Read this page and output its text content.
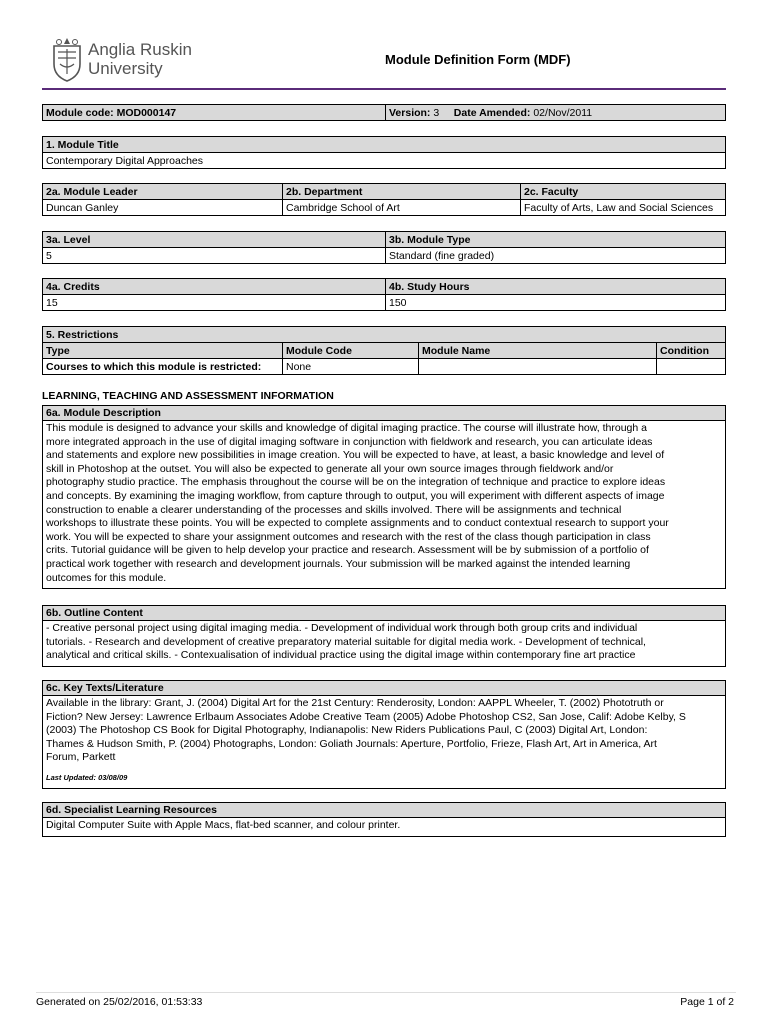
Anglia Ruskin
University	Module Definition Form (MDF)
Module code: MOD000147	Version: 3 Date Amended: 02/Nov/2011
1. Module Title
Contemporary Digital Approaches
2a. Module Leader	2b. Department	2c. Faculty
Duncan Ganley	Cambridge School of Art	Faculty of Arts, Law and Social Sciences
3a. Level	3b. Module Type
5	Standard (fine graded)
4a. Credits	4b. Study Hours
15	150
5. Restrictions			
Type	Module Code	Module Name	Condition
Courses to which this module is restricted:	None		
LEARNING, TEACHING AND ASSESSMENT INFORMATION
6a. Module Description
This module is designed to advance your skills and knowledge of digital imaging practice. The course will illustrate how, through a
more integrated approach in the use of digital imaging software in conjunction with fieldwork and research, you can articulate ideas
and statements and explore new possibilities in image creation. You will be expected to have, at least, a basic knowledge and level of
skill in Photoshop at the outset. You will also be expected to generate all your own source images through fieldwork and/or
photography studio practice. The emphasis throughout the course will be on the integration of technique and practice to explore ideas
and concepts. By examining the imaging workflow, from capture through to output, you will experiment with different aspects of image
construction to enable a clearer understanding of the processes and skills involved. There will be assignments and technical
workshops to illustrate these points. You will be expected to complete assignments and to conduct contextual research to support your
work. You will be expected to share your assignment outcomes and research with the rest of the class though participation in class
crits. Tutorial guidance will be given to help develop your practice and research. Assessment will be by submission of a portfolio of
practical work together with research and development journals. Your submission will be marked against the intended learning
outcomes for this module.
6b. Outline Content
- Creative personal project using digital imaging media. - Development of individual work through both group crits and individual
tutorials. - Research and development of creative preparatory material suitable for digital media work. - Development of technical,
analytical and critical skills. - Contexualisation of individual practice using the digital image within contemporary fine art practice
6c. Key Texts/Literature
Available in the library: Grant, J. (2004) Digital Art for the 21st Century: Renderosity, London: AAPPL Wheeler, T. (2002) Phototruth or
Fiction? New Jersey: Lawrence Erlbaum Associates Adobe Creative Team (2005) Adobe Photoshop CS2, San Jose, Calif: Adobe Kelby, S
(2003) The Photoshop CS Book for Digital Photography, Indianapolis: New Riders Publications Paul, C (2003) Digital Art, London:
Thames & Hudson Smith, P. (2004) Photographs, London: Goliath Journals: Aperture, Portfolio, Frieze, Flash Art, Art in America, Art
Forum, Parkett
Last Updated: 03/08/09
6d. Specialist Learning Resources
Digital Computer Suite with Apple Macs, flat-bed scanner, and colour printer.
Generated on 25/02/2016, 01:53:33	Page 1 of 2
